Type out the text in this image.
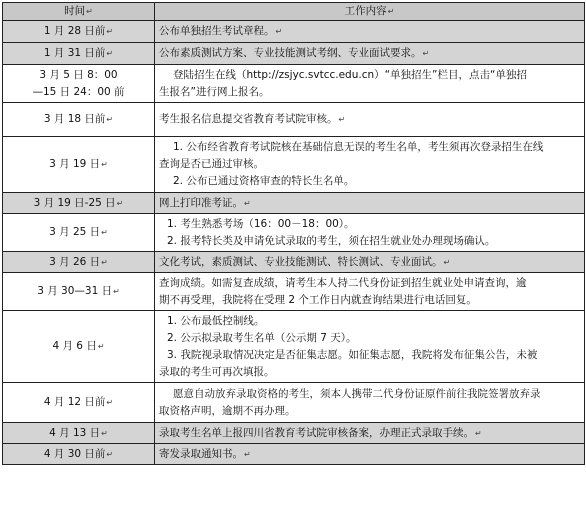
时间↵	工作内容↵
1 月 28 日前↵	公布单独招生考试章程。↵
1 月 31 日前↵	公布素质测试方案、专业技能测试考纲、专业面试要求。↵

3 月 5 日 8：00
—15 日 24：00 前	登陆招生在线（http://zsjyc.svtcc.edu.cn）“单独招生”栏目，点击“单独招
生报名”进行网上报名。

3 月 18 日前↵	考生报名信息提交省教育考试院审核。↵
3 月 19 日↵	1. 公布经省教育考试院核在基础信息无误的考生名单，考生须再次登录招生在线
查询是否已通过审核。
2. 公布已通过资格审查的特长生名单。

3 月 19 日-25 日↵	网上打印准考证。↵
3 月 25 日↵	1. 考生熟悉考场（16：00－18：00）。
2. 报考特长类及申请免试录取的考生，须在招生就业处办理现场确认。

3 月 26 日↵	文化考试，素质测试、专业技能测试、特长测试、专业面试。↵
3 月 30—31 日↵	查询成绩。如需复查成绩，请考生本人持二代身份证到招生就业处申请查询，逾
期不再受理，我院将在受理 2 个工作日内就查询结果进行电话回复。

4 月 6 日↵	1. 公布最低控制线。
2. 公示拟录取考生名单（公示期 7 天）。
3. 我院视录取情况决定是否征集志愿。如征集志愿，我院将发布征集公告，未被
录取的考生可再次填报。

4 月 12 日前↵	愿意自动放弃录取资格的考生，须本人携带二代身份证原件前往我院签署放弃录
取资格声明，逾期不再办理。

4 月 13 日↵	录取考生名单上报四川省教育考试院审核备案，办理正式录取手续。↵
4 月 30 日前↵	寄发录取通知书。↵
